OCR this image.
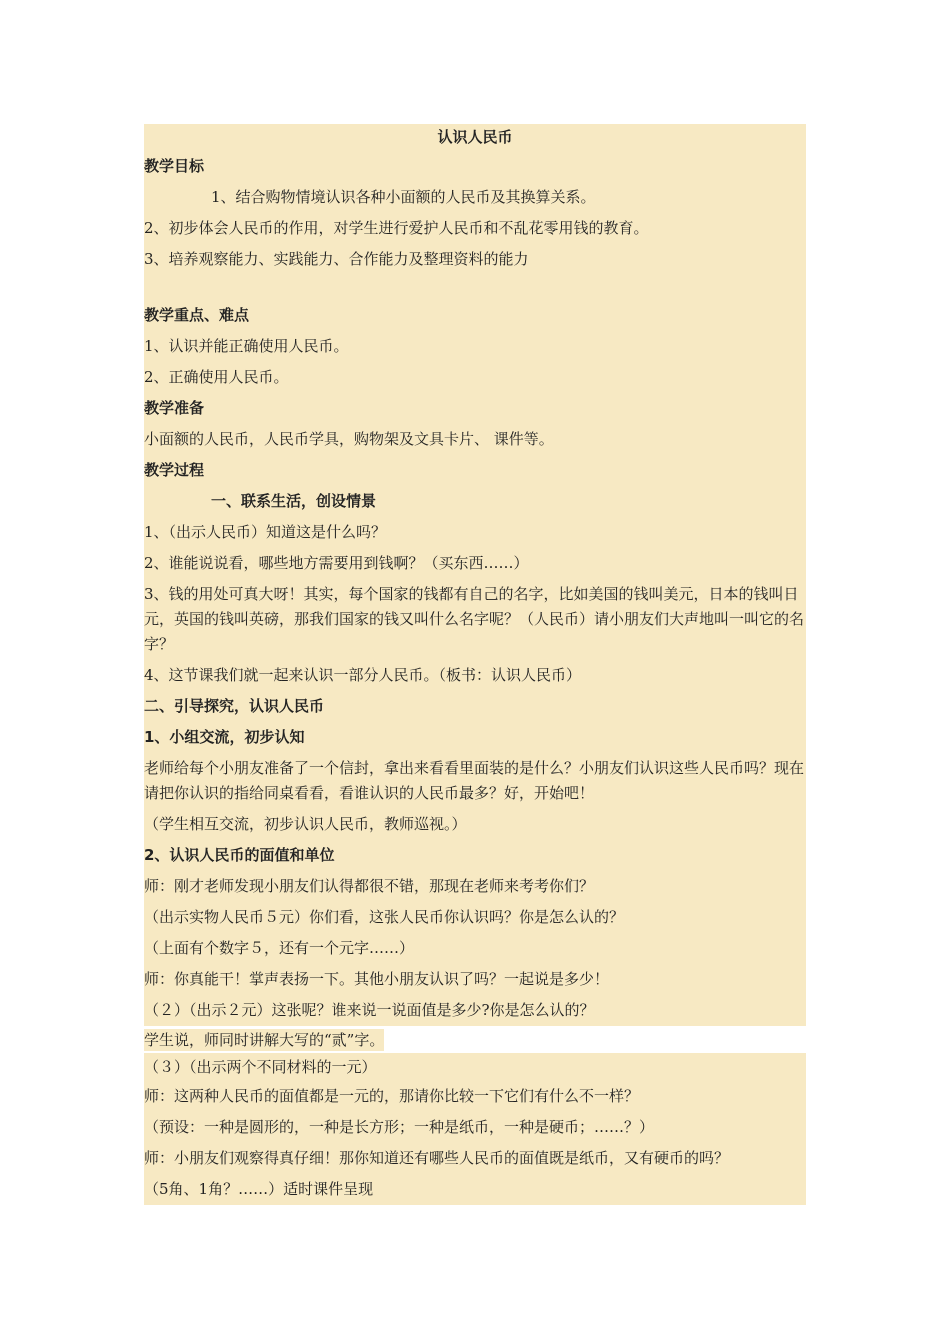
认识人民币
教学目标
1、结合购物情境认识各种小面额的人民币及其换算关系。
2、初步体会人民币的作用，对学生进行爱护人民币和不乱花零用钱的教育。
3、培养观察能力、实践能力、合作能力及整理资料的能力
教学重点、难点
1、认识并能正确使用人民币。
2、正确使用人民币。
教学准备
小面额的人民币，人民币学具，购物架及文具卡片、 课件等。
教学过程
一、联系生活，创设情景
1、（出示人民币）知道这是什么吗？
2、谁能说说看，哪些地方需要用到钱啊？（买东西……）
3、钱的用处可真大呀！其实，每个国家的钱都有自己的名字，比如美国的钱叫美元，日本的钱叫日元，英国的钱叫英磅，那我们国家的钱又叫什么名字呢？（人民币）请小朋友们大声地叫一叫它的名字？
4、这节课我们就一起来认识一部分人民币。（板书：认识人民币）
二、引导探究，认识人民币
1、小组交流，初步认知
老师给每个小朋友准备了一个信封，拿出来看看里面装的是什么？小朋友们认识这些人民币吗？现在请把你认识的指给同桌看看，看谁认识的人民币最多？好，开始吧！
（学生相互交流，初步认识人民币，教师巡视。）
2、认识人民币的面值和单位
师：刚才老师发现小朋友们认得都很不错，那现在老师来考考你们？
（出示实物人民币５元）你们看，这张人民币你认识吗？你是怎么认的？
（上面有个数字５，还有一个元字……）
师：你真能干！掌声表扬一下。其他小朋友认识了吗？一起说是多少！
（２）（出示２元）这张呢？谁来说一说面值是多少?你是怎么认的？
学生说，师同时讲解大写的“贰”字。
（３）（出示两个不同材料的一元）
师：这两种人民币的面值都是一元的，那请你比较一下它们有什么不一样？
（预设：一种是圆形的，一种是长方形；一种是纸币，一种是硬币；……？）
师：小朋友们观察得真仔细！那你知道还有哪些人民币的面值既是纸币，又有硬币的吗？
（5角、1角？……）适时课件呈现
